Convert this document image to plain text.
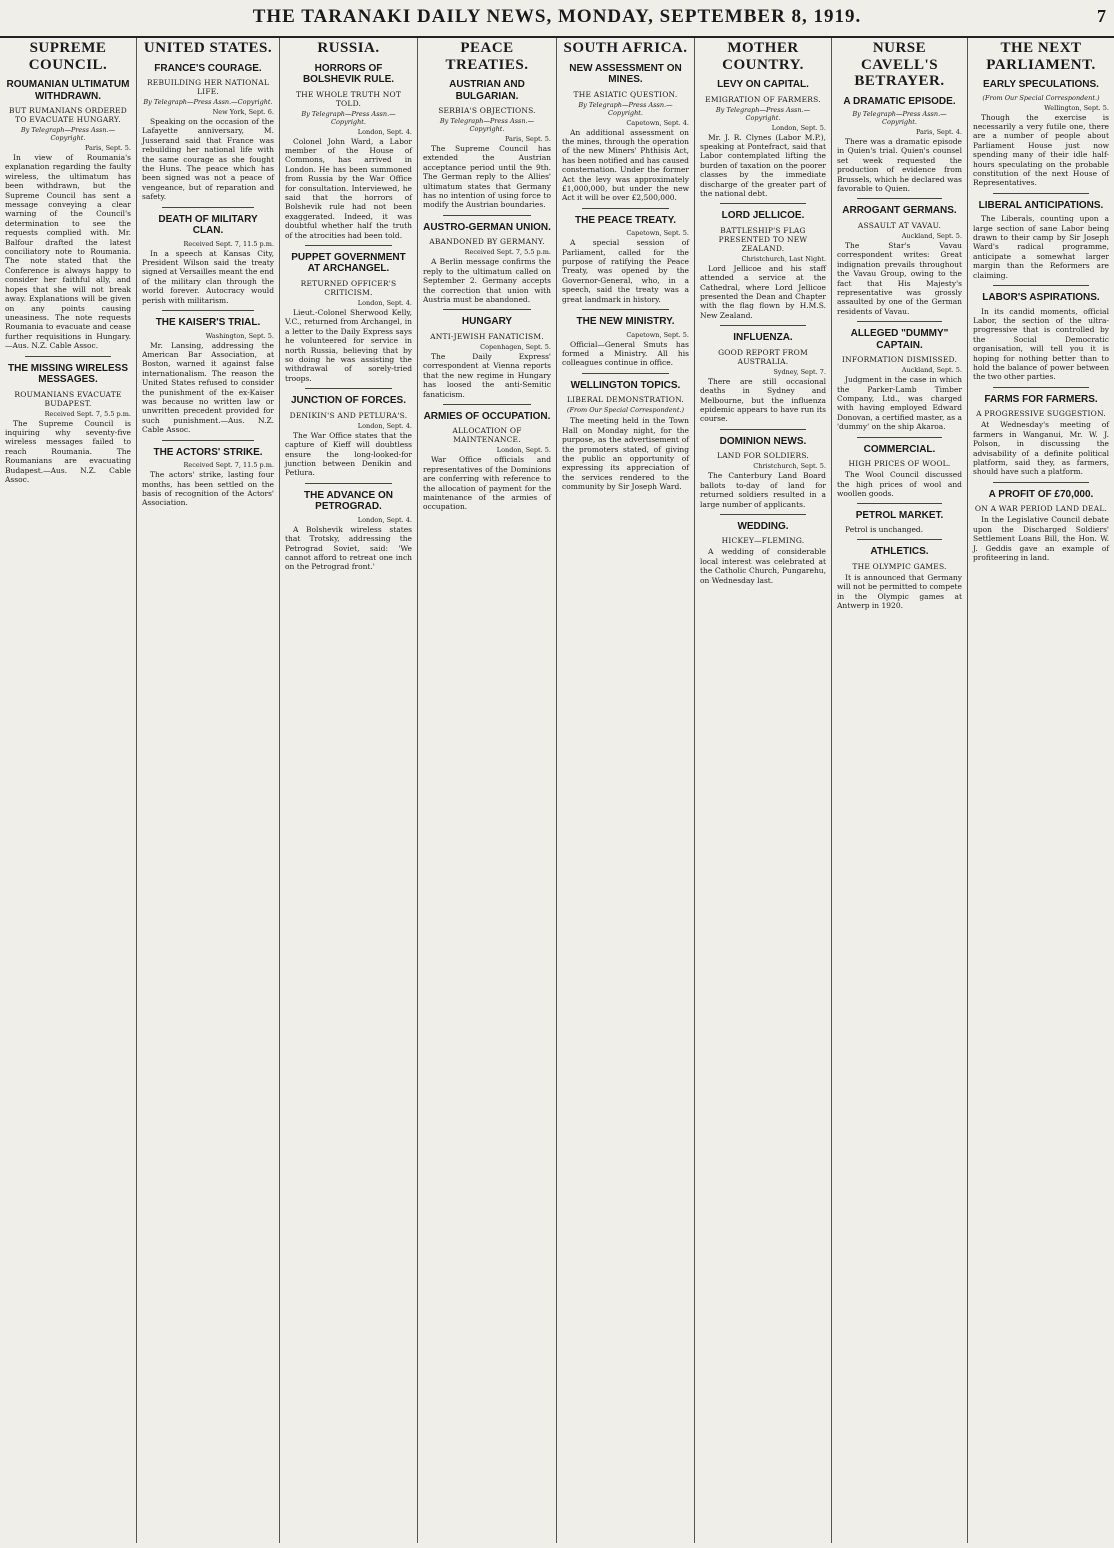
THE TARANAKI DAILY NEWS, MONDAY, SEPTEMBER 8, 1919.	7
SUPREME COUNCIL.
ROUMANIAN ULTIMATUM WITHDRAWN.
BUT RUMANIANS ORDERED TO EVACUATE HUNGARY.
By Telegraph—Press Assn.—Copyright.
Paris, Sept. 5.

In view of Roumania's explanation regarding the faulty wireless, the ultimatum has been withdrawn, but the Supreme Council has sent a message conveying a clear warning of the Council's determination to see the requests complied with. Mr. Balfour drafted the latest conciliatory note to Roumania. The note stated that the Conference is always happy to consider her faithful ally, and hopes that she will not break away. Explanations will be given on any points causing uneasiness. The note requests Roumania to evacuate and cease further requisitions in Hungary.—Aus. N.Z. Cable Assoc.

THE MISSING WIRELESS MESSAGES.
ROUMANIANS EVACUATE BUDAPEST.
Received Sept. 7, 5.5 p.m.

The Supreme Council is inquiring why seventy-five wireless messages failed to reach Roumania. The Roumanians are evacuating Budapest.—Aus. N.Z. Cable Assoc.

UNITED STATES.
FRANCE'S COURAGE.
REBUILDING HER NATIONAL LIFE.
By Telegraph—Press Assn.—Copyright.
New York, Sept. 6.

Speaking on the occasion of the Lafayette anniversary, M. Jusserand said that France was rebuilding her national life with the same courage as she fought the Huns. The peace which has been signed was not a peace of vengeance, but of reparation and safety.

DEATH OF MILITARY CLAN.
Received Sept. 7, 11.5 p.m.

In a speech at Kansas City, President Wilson said the treaty signed at Versailles meant the end of the military clan through the world forever. Autocracy would perish with militarism.

THE KAISER'S TRIAL.
Washington, Sept. 5.

Mr. Lansing, addressing the American Bar Association, at Boston, warned it against false internationalism. The reason the United States refused to consider the punishment of the ex-Kaiser was because no written law or unwritten precedent provided for such punishment.—Aus. N.Z. Cable Assoc.

THE ACTORS' STRIKE.
Received Sept. 7, 11.5 p.m.

The actors' strike, lasting four months, has been settled on the basis of recognition of the Actors' Association.

RUSSIA.
HORRORS OF BOLSHEVIK RULE.
THE WHOLE TRUTH NOT TOLD.
By Telegraph—Press Assn.—Copyright.
London, Sept. 4.

Colonel John Ward, a Labor member of the House of Commons, has arrived in London. He has been summoned from Russia by the War Office for consultation. Interviewed, he said that the horrors of Bolshevik rule had not been exaggerated. Indeed, it was doubtful whether half the truth of the atrocities had been told.

PUPPET GOVERNMENT AT ARCHANGEL.
RETURNED OFFICER'S CRITICISM.
London, Sept. 4.

Lieut.-Colonel Sherwood Kelly, V.C., returned from Archangel, in a letter to the Daily Express says he volunteered for service in north Russia, believing that by so doing he was assisting the withdrawal of sorely-tried troops.

JUNCTION OF FORCES.
DENIKIN'S AND PETLURA'S.
London, Sept. 4.

The War Office states that the capture of Kieff will doubtless ensure the long-looked-for junction between Denikin and Petlura.

THE ADVANCE ON PETROGRAD.
London, Sept. 4.

A Bolshevik wireless states that Trotsky, addressing the Petrograd Soviet, said: 'We cannot afford to retreat one inch on the Petrograd front.'

PEACE TREATIES.
AUSTRIAN AND BULGARIAN.
SERBIA'S OBJECTIONS.
By Telegraph—Press Assn.—Copyright.
Paris, Sept. 5.

The Supreme Council has extended the Austrian acceptance period until the 9th. The German reply to the Allies' ultimatum states that Germany has no intention of using force to modify the Austrian boundaries.

AUSTRO-GERMAN UNION.
ABANDONED BY GERMANY.
Received Sept. 7, 5.5 p.m.

A Berlin message confirms the reply to the ultimatum called on September 2. Germany accepts the correction that union with Austria must be abandoned.

HUNGARY
ANTI-JEWISH FANATICISM.
Copenhagen, Sept. 5.

The Daily Express' correspondent at Vienna reports that the new regime in Hungary has loosed the anti-Semitic fanaticism.

ARMIES OF OCCUPATION.
ALLOCATION OF MAINTENANCE.
London, Sept. 5.

War Office officials and representatives of the Dominions are conferring with reference to the allocation of payment for the maintenance of the armies of occupation.

SOUTH AFRICA.
NEW ASSESSMENT ON MINES.
THE ASIATIC QUESTION.
By Telegraph—Press Assn.—Copyright.
Capetown, Sept. 4.

An additional assessment on the mines, through the operation of the new Miners' Phthisis Act, has been notified and has caused consternation. Under the former Act the levy was approximately £1,000,000, but under the new Act it will be over £2,500,000.

THE PEACE TREATY.
Capetown, Sept. 5.

A special session of Parliament, called for the purpose of ratifying the Peace Treaty, was opened by the Governor-General, who, in a speech, said the treaty was a great landmark in history.

THE NEW MINISTRY.
Capetown, Sept. 5.

Official—General Smuts has formed a Ministry. All his colleagues continue in office.

WELLINGTON TOPICS.
LIBERAL DEMONSTRATION.
(From Our Special Correspondent.)

The meeting held in the Town Hall on Monday night, for the purpose, as the advertisement of the promoters stated, of giving the public an opportunity of expressing its appreciation of the services rendered to the community by Sir Joseph Ward.

MOTHER COUNTRY.
LEVY ON CAPITAL.
EMIGRATION OF FARMERS.
By Telegraph—Press Assn.—Copyright.
London, Sept. 5.

Mr. J. R. Clynes (Labor M.P.), speaking at Pontefract, said that Labor contemplated lifting the burden of taxation on the poorer classes by the immediate discharge of the greater part of the national debt.

LORD JELLICOE.
BATTLESHIP'S FLAG PRESENTED TO NEW ZEALAND.
Christchurch, Last Night.

Lord Jellicoe and his staff attended a service at the Cathedral, where Lord Jellicoe presented the Dean and Chapter with the flag flown by H.M.S. New Zealand.

INFLUENZA.
GOOD REPORT FROM AUSTRALIA.
Sydney, Sept. 7.

There are still occasional deaths in Sydney and Melbourne, but the influenza epidemic appears to have run its course.

DOMINION NEWS.
LAND FOR SOLDIERS.
Christchurch, Sept. 5.

The Canterbury Land Board ballots to-day of land for returned soldiers resulted in a large number of applicants.

WEDDING.
HICKEY—FLEMING.

A wedding of considerable local interest was celebrated at the Catholic Church, Pungarehu, on Wednesday last.

NURSE CAVELL'S BETRAYER.
A DRAMATIC EPISODE.
By Telegraph—Press Assn.—Copyright.
Paris, Sept. 4.

There was a dramatic episode in Quien's trial. Quien's counsel set week requested the production of evidence from Brussels, which he declared was favorable to Quien.

ARROGANT GERMANS.
ASSAULT AT VAVAU.
Auckland, Sept. 5.

The Star's Vavau correspondent writes: Great indignation prevails throughout the Vavau Group, owing to the fact that His Majesty's representative was grossly assaulted by one of the German residents of Vavau.

ALLEGED "DUMMY" CAPTAIN.
INFORMATION DISMISSED.
Auckland, Sept. 5.

Judgment in the case in which the Parker-Lamb Timber Company, Ltd., was charged with having employed Edward Donovan, a certified master, as a 'dummy' on the ship Akaroa.

COMMERCIAL.
HIGH PRICES OF WOOL.

The Wool Council discussed the high prices of wool and woollen goods.

PETROL MARKET.

Petrol is unchanged.

ATHLETICS.
THE OLYMPIC GAMES.

It is announced that Germany will not be permitted to compete in the Olympic games at Antwerp in 1920.

THE NEXT PARLIAMENT.
EARLY SPECULATIONS.
(From Our Special Correspondent.)
Wellington, Sept. 5.

Though the exercise is necessarily a very futile one, there are a number of people about Parliament House just now spending many of their idle half-hours speculating on the probable constitution of the next House of Representatives.

LIBERAL ANTICIPATIONS.

The Liberals, counting upon a large section of sane Labor being drawn to their camp by Sir Joseph Ward's radical programme, anticipate a somewhat larger margin than the Reformers are claiming.

LABOR'S ASPIRATIONS.

In its candid moments, official Labor, the section of the ultra-progressive that is controlled by the Social Democratic organisation, will tell you it is hoping for nothing better than to hold the balance of power between the two other parties.

FARMS FOR FARMERS.
A PROGRESSIVE SUGGESTION.

At Wednesday's meeting of farmers in Wanganui, Mr. W. J. Polson, in discussing the advisability of a definite political platform, said they, as farmers, should have such a platform.

A PROFIT OF £70,000.
ON A WAR PERIOD LAND DEAL.

In the Legislative Council debate upon the Discharged Soldiers' Settlement Loans Bill, the Hon. W. J. Geddis gave an example of profiteering in land.
